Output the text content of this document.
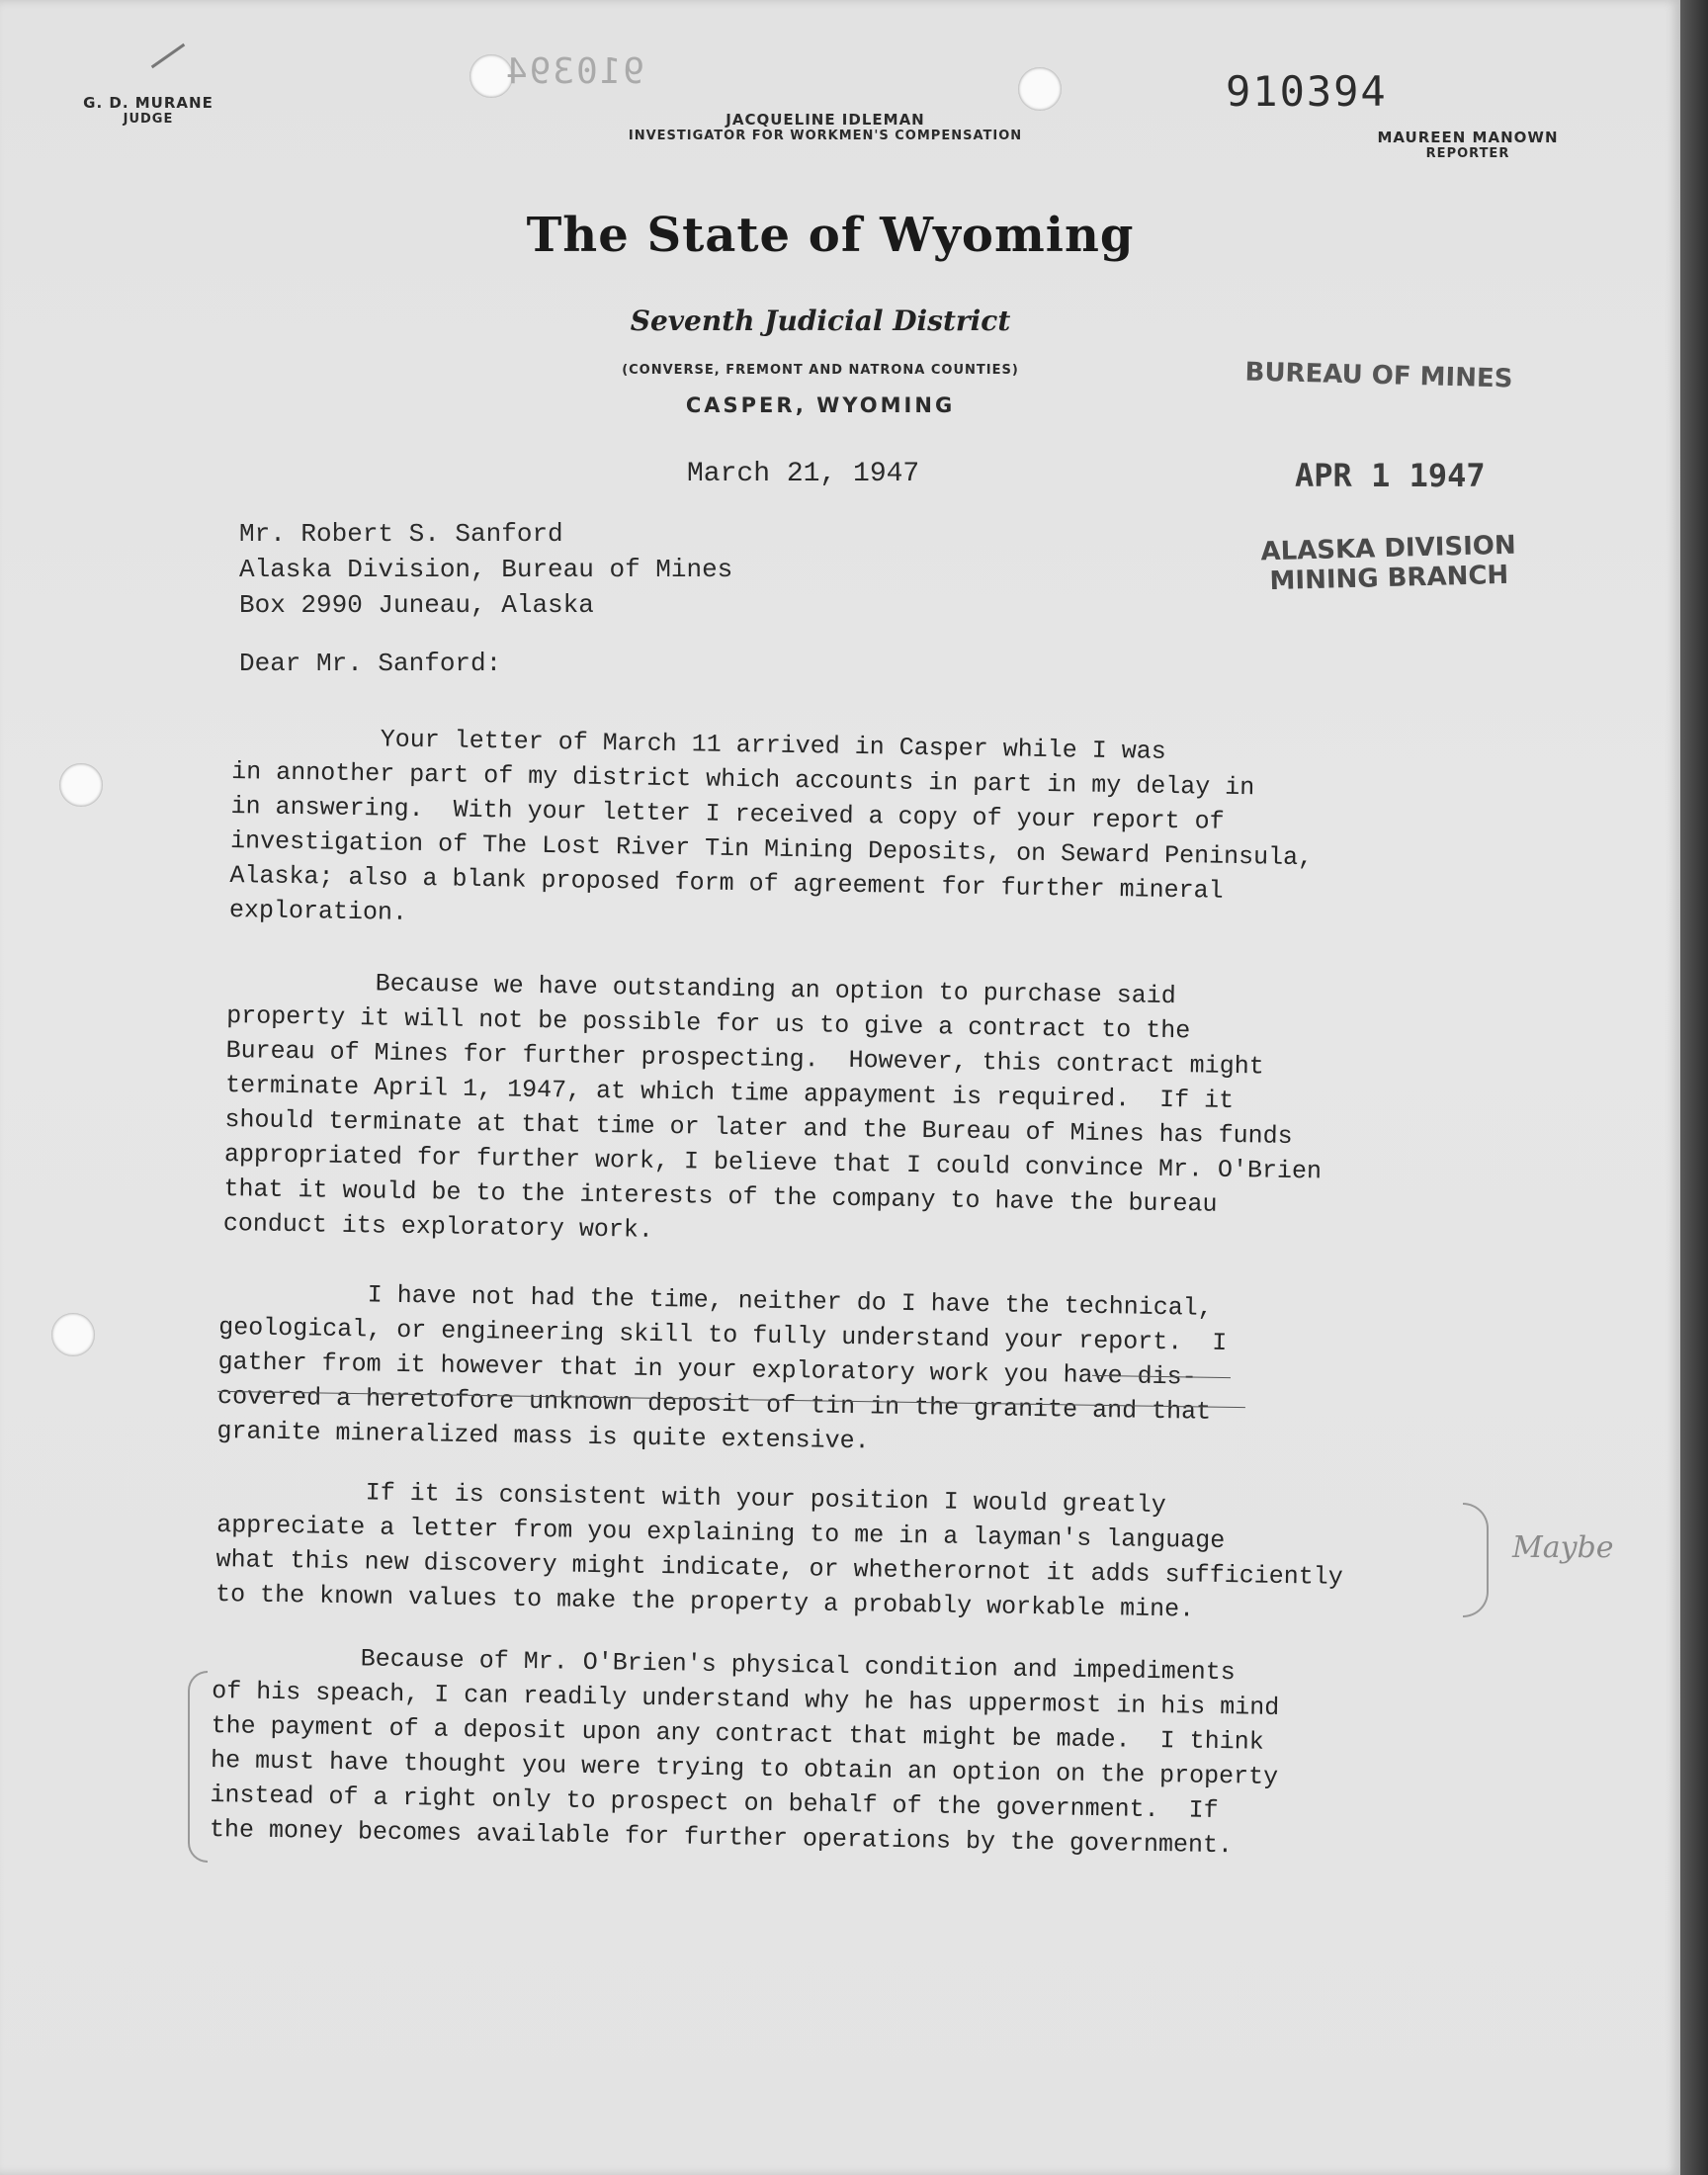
G. D. MURANE
JUDGE	JACQUELINE IDLEMAN
INVESTIGATOR FOR WORKMEN'S COMPENSATION	MAUREEN MANOWN
REPORTER
910394	910394
The State of Wyoming
Seventh Judicial District
(CONVERSE, FREMONT AND NATRONA COUNTIES)
CASPER, WYOMING
BUREAU OF MINES
APR 1 1947
ALASKA DIVISION
MINING BRANCH
March 21, 1947
Mr. Robert S. Sanford
Alaska Division, Bureau of Mines
Box 2990 Juneau, Alaska
Dear Mr. Sanford:
Your letter of March 11 arrived in Casper while I was
in annother part of my district which accounts in part in my delay in
in answering.  With your letter I received a copy of your report of
investigation of The Lost River Tin Mining Deposits, on Seward Peninsula,
Alaska; also a blank proposed form of agreement for further mineral
exploration.
Because we have outstanding an option to purchase said
property it will not be possible for us to give a contract to the
Bureau of Mines for further prospecting.  However, this contract might
terminate April 1, 1947, at which time appayment is required.  If it
should terminate at that time or later and the Bureau of Mines has funds
appropriated for further work, I believe that I could convince Mr. O'Brien
that it would be to the interests of the company to have the bureau
conduct its exploratory work.
I have not had the time, neither do I have the technical,
geological, or engineering skill to fully understand your report.  I
gather from it however that in your exploratory work you have dis-
covered a heretofore unknown deposit of tin in the granite and that
granite mineralized mass is quite extensive.
If it is consistent with your position I would greatly
appreciate a letter from you explaining to me in a layman's language
what this new discovery might indicate, or whetherornot it adds sufficiently
to the known values to make the property a probably workable mine.
Because of Mr. O'Brien's physical condition and impediments
of his speach, I can readily understand why he has uppermost in his mind
the payment of a deposit upon any contract that might be made.  I think
he must have thought you were trying to obtain an option on the property
instead of a right only to prospect on behalf of the government.  If
the money becomes available for further operations by the government.
Maybe
